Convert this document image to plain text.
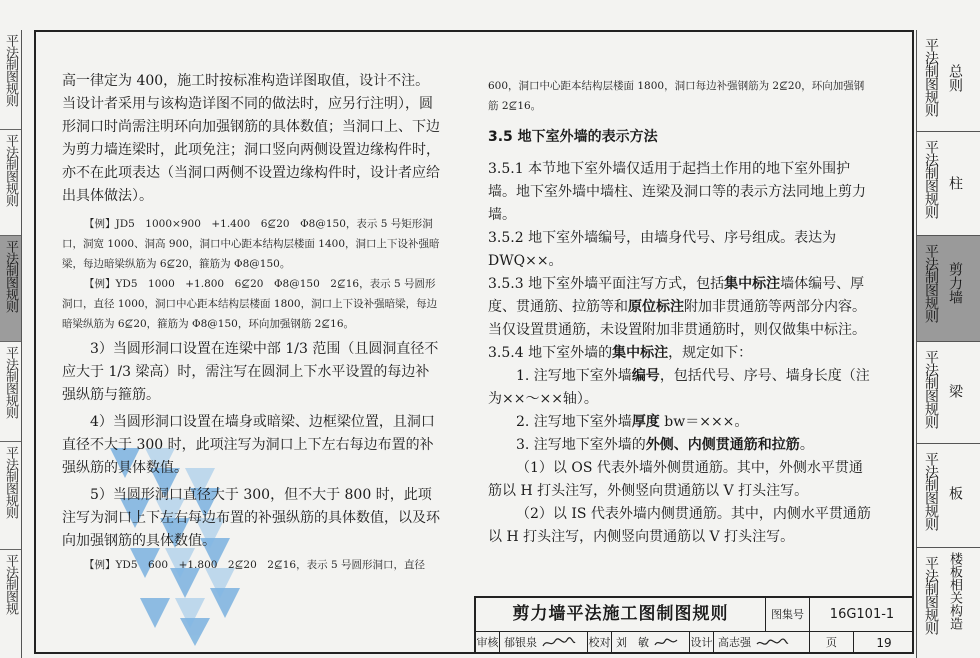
平法制图规则
平法制图规则
平法制图规则
平法制图规则
平法制图规则
平法制图规
平法制图规则 总则
平法制图规则 柱
平法制图规则 剪力墙
平法制图规则 梁
平法制图规则 板
平法制图规则 楼板相关构造

高一律定为 400，施工时按标准构造详图取值，设计不注。当设计者采用与该构造详图不同的做法时，应另行注明），圆形洞口时尚需注明环向加强钢筋的具体数值；当洞口上、下边为剪力墙连梁时，此项免注；洞口竖向两侧设置边缘构件时，亦不在此项表达（当洞口两侧不设置边缘构件时，设计者应给出具体做法）。

【例】JD5　1000×900　+1.400　6⊈20　Φ8@150，表示 5 号矩形洞口，洞宽 1000、洞高 900，洞口中心距本结构层楼面 1400，洞口上下设补强暗梁，每边暗梁纵筋为 6⊈20，箍筋为 Φ8@150。

【例】YD5　1000　+1.800　6⊈20　Φ8@150　2⊈16，表示 5 号圆形洞口，直径 1000，洞口中心距本结构层楼面 1800，洞口上下设补强暗梁，每边暗梁纵筋为 6⊈20，箍筋为 Φ8@150，环向加强钢筋 2⊈16。

3）当圆形洞口设置在连梁中部 1/3 范围（且圆洞直径不应大于 1/3 梁高）时，需注写在圆洞上下水平设置的每边补强纵筋与箍筋。

4）当圆形洞口设置在墙身或暗梁、边框梁位置，且洞口直径不大于 300 时，此项注写为洞口上下左右每边布置的补强纵筋的具体数值。

5）当圆形洞口直径大于 300，但不大于 800 时，此项注写为洞口上下左右每边布置的补强纵筋的具体数值，以及环向加强钢筋的具体数值。

【例】YD5　600　+1.800　2⊈20　2⊈16，表示 5 号圆形洞口，直径

600，洞口中心距本结构层楼面 1800，洞口每边补强钢筋为 2⊈20，环向加强钢筋 2⊈16。

3.5 地下室外墙的表示方法

3.5.1 本节地下室外墙仅适用于起挡土作用的地下室外围护墙。地下室外墙中墙柱、连梁及洞口等的表示方法同地上剪力墙。

3.5.2 地下室外墙编号，由墙身代号、序号组成。表达为 DWQ××。

3.5.3 地下室外墙平面注写方式，包括集中标注墙体编号、厚度、贯通筋、拉筋等和原位标注附加非贯通筋等两部分内容。当仅设置贯通筋，未设置附加非贯通筋时，则仅做集中标注。

3.5.4 地下室外墙的集中标注，规定如下：

1. 注写地下室外墙编号，包括代号、序号、墙身长度（注为××～××轴）。

2. 注写地下室外墙厚度 bw＝×××。

3. 注写地下室外墙的外侧、内侧贯通筋和拉筋。

（1）以 OS 代表外墙外侧贯通筋。其中，外侧水平贯通筋以 H 打头注写，外侧竖向贯通筋以 V 打头注写。

（2）以 IS 代表外墙内侧贯通筋。其中，内侧水平贯通筋以 H 打头注写，内侧竖向贯通筋以 V 打头注写。

剪力墙平法施工图制图规则	图集号	16G101-1
审核 郁银泉	校对 刘　敏	设计 高志强	页	19
